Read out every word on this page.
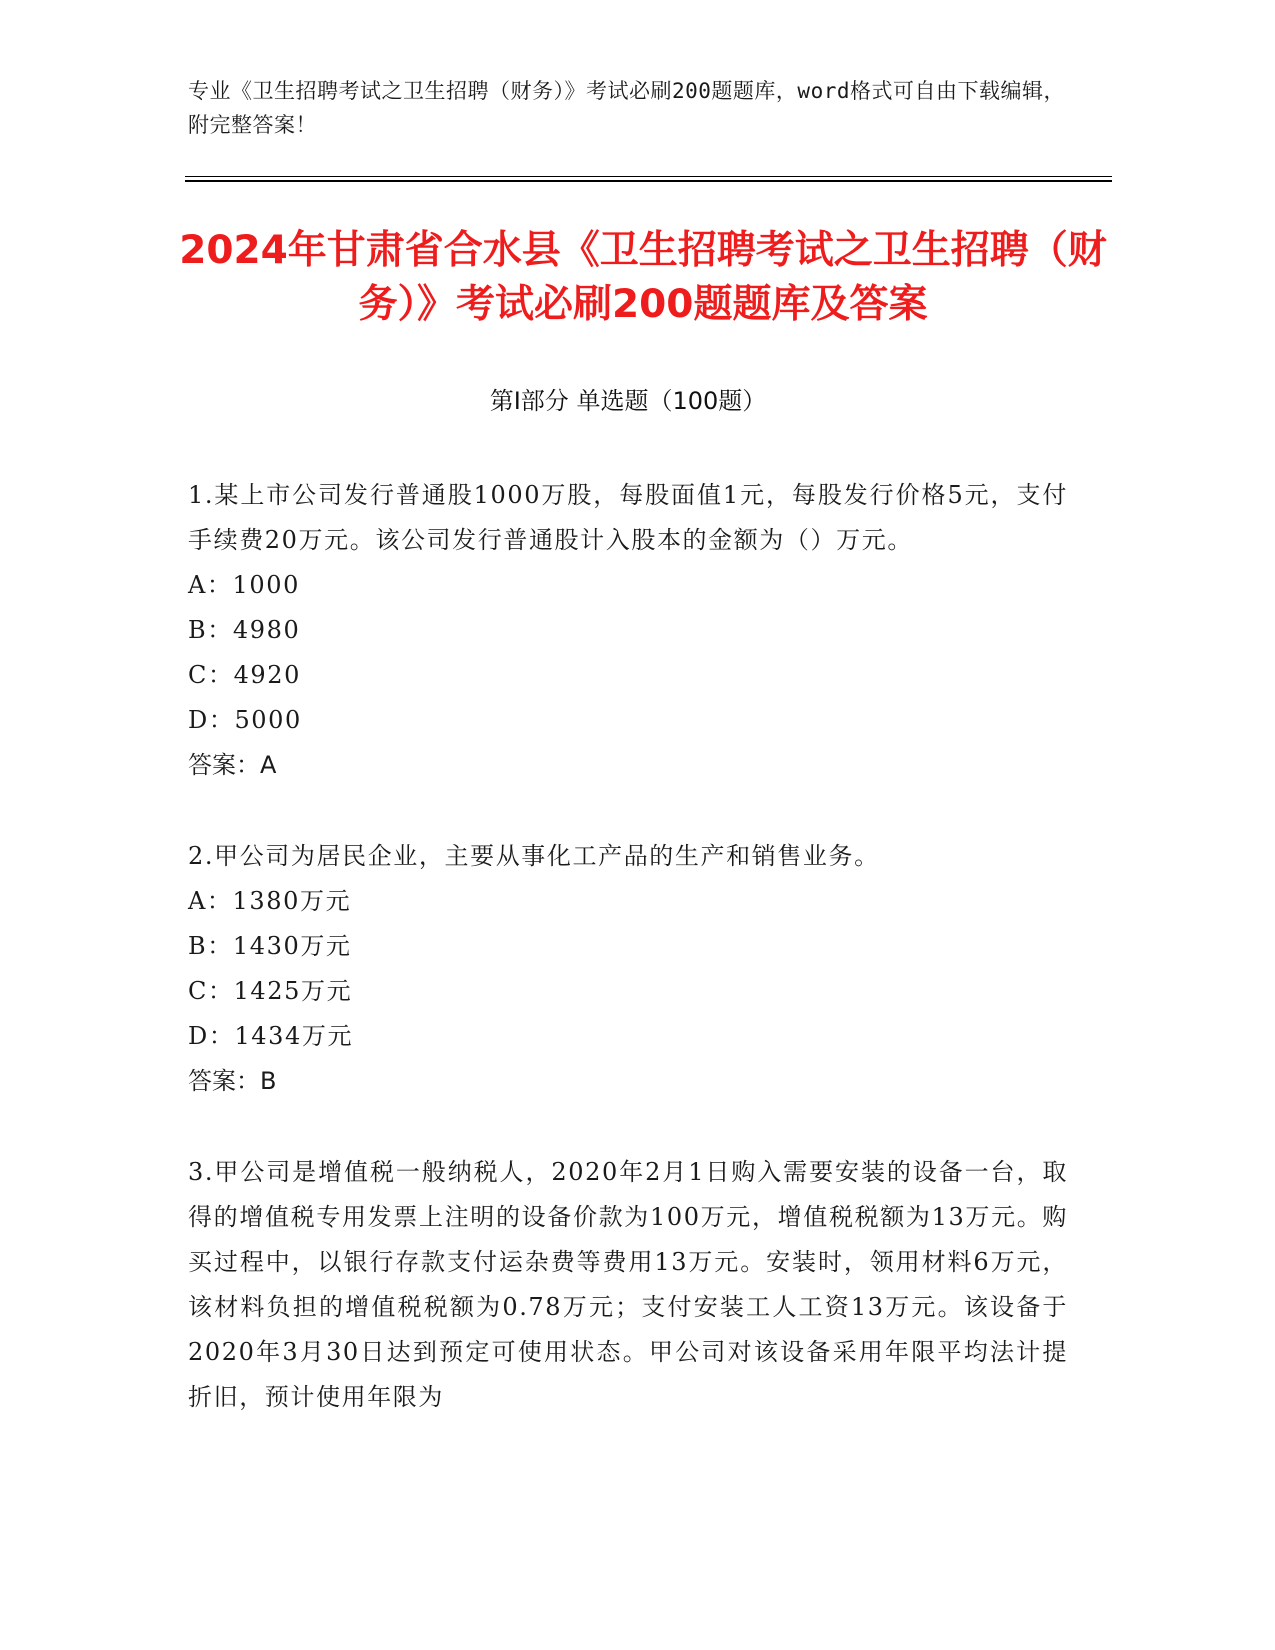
专业《卫生招聘考试之卫生招聘（财务）》考试必刷200题题库，word格式可自由下载编辑，附完整答案！
2024年甘肃省合水县《卫生招聘考试之卫生招聘（财务）》考试必刷200题题库及答案
第Ⅰ部分 单选题（100题）
1.某上市公司发行普通股1000万股，每股面值1元，每股发行价格5元，支付手续费20万元。该公司发行普通股计入股本的金额为（）万元。
A：1000
B：4980
C：4920
D：5000
答案：A
2.甲公司为居民企业，主要从事化工产品的生产和销售业务。
A：1380万元
B：1430万元
C：1425万元
D：1434万元
答案：B
3.甲公司是增值税一般纳税人，2020年2月1日购入需要安装的设备一台，取得的增值税专用发票上注明的设备价款为100万元，增值税税额为13万元。购买过程中，以银行存款支付运杂费等费用13万元。安装时，领用材料6万元，该材料负担的增值税税额为0.78万元；支付安装工人工资13万元。该设备于2020年3月30日达到预定可使用状态。甲公司对该设备采用年限平均法计提折旧，预计使用年限为
